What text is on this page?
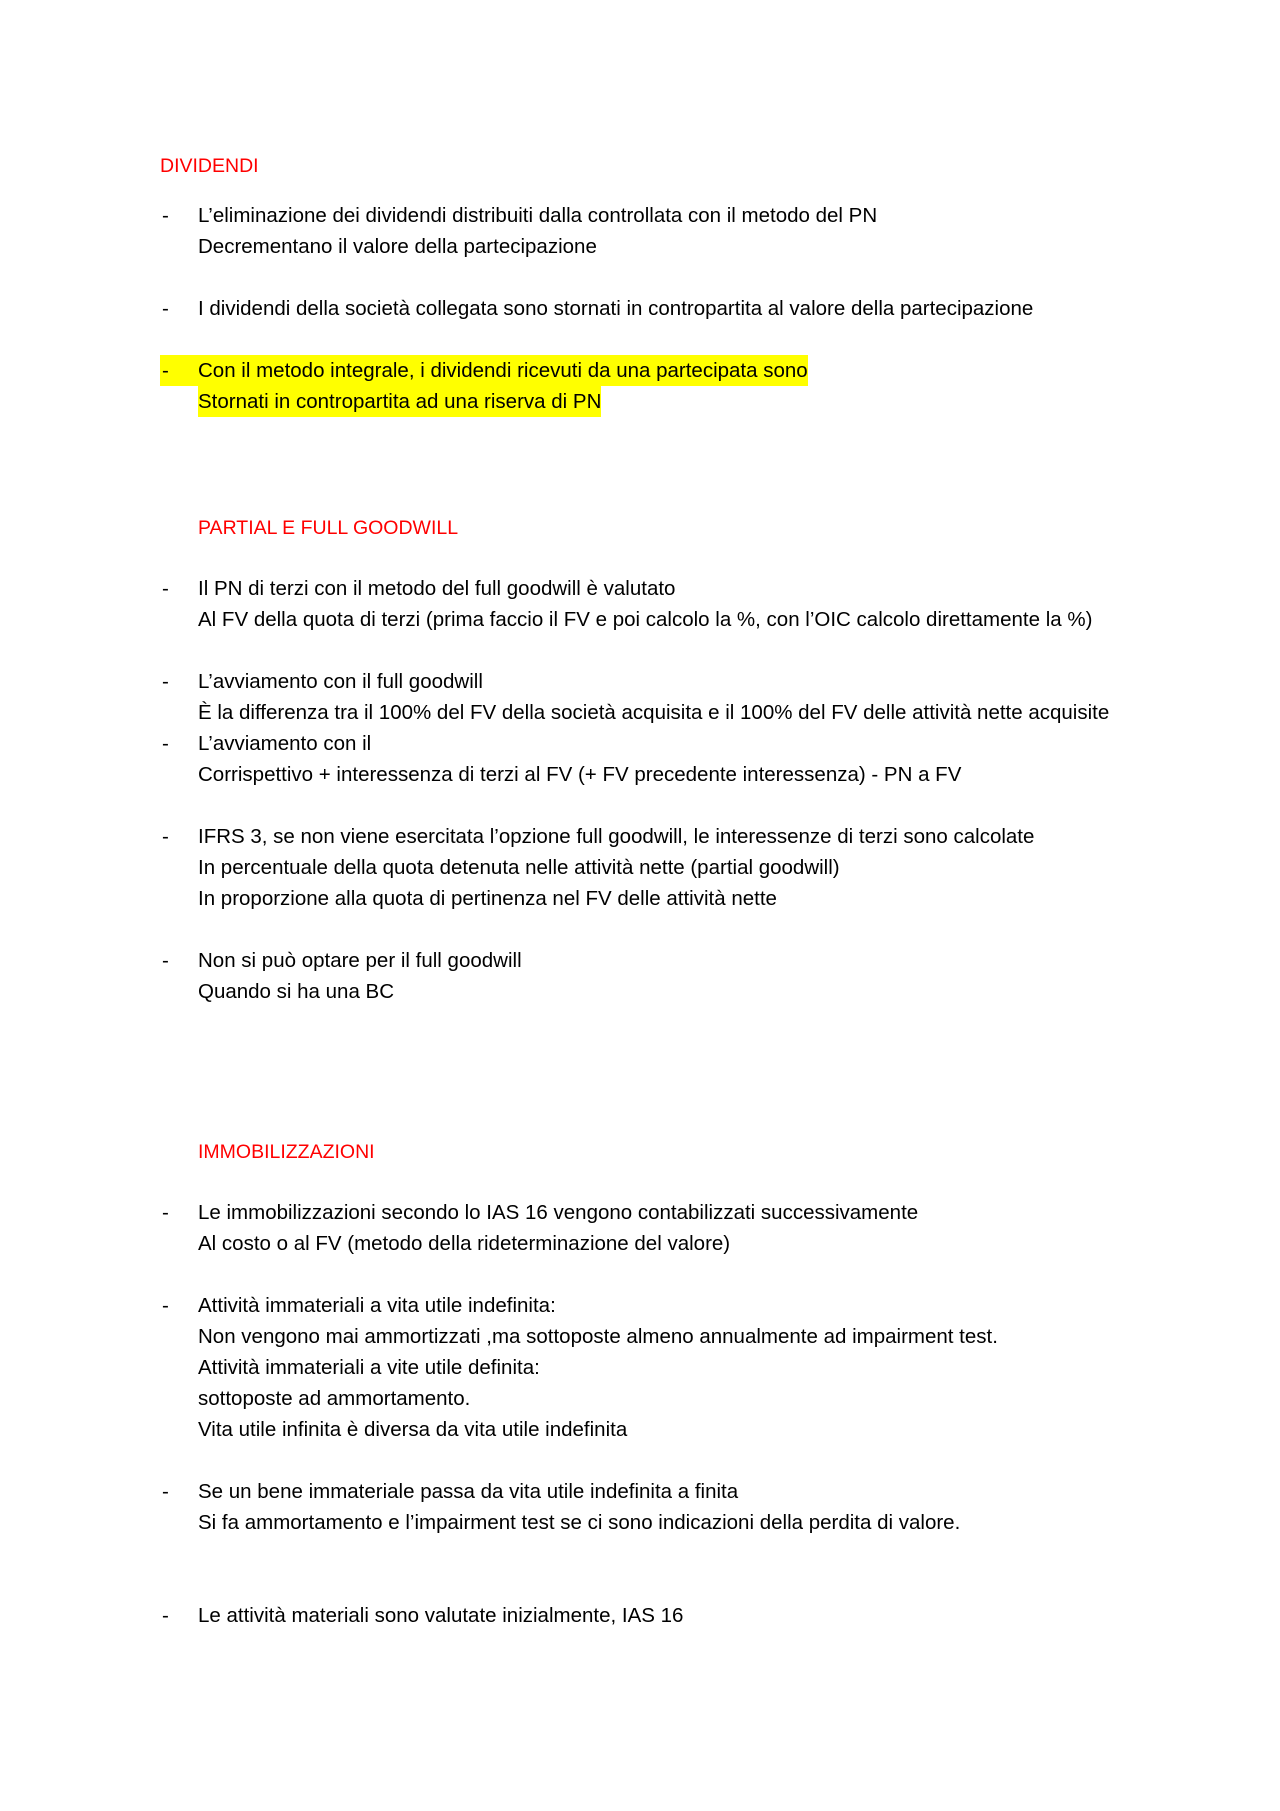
DIVIDENDI
- L’eliminazione dei dividendi distribuiti dalla controllata con il metodo del PN
Decrementano il valore della partecipazione
- I dividendi della società collegata sono stornati in contropartita al valore della partecipazione
- Con il metodo integrale, i dividendi ricevuti da una partecipata sono
Stornati in contropartita ad una riserva di PN
PARTIAL E FULL GOODWILL
- Il PN di terzi con il metodo del full goodwill è valutato
Al FV della quota di terzi (prima faccio il FV e poi calcolo la %, con l’OIC calcolo direttamente la %)
- L’avviamento con il full goodwill
È la differenza tra il 100% del FV della società acquisita e il 100% del FV delle attività nette acquisite
- L’avviamento con il
Corrispettivo + interessenza di terzi al FV (+ FV precedente interessenza) - PN a FV
- IFRS 3, se non viene esercitata l’opzione full goodwill, le interessenze di terzi sono calcolate
In percentuale della quota detenuta nelle attività nette (partial goodwill)
In proporzione alla quota di pertinenza nel FV delle attività nette
- Non si può optare per il full goodwill
Quando si ha una BC
IMMOBILIZZAZIONI
- Le immobilizzazioni secondo lo IAS 16 vengono contabilizzati successivamente
Al costo o al FV (metodo della rideterminazione del valore)
- Attività immateriali a vita utile indefinita:
Non vengono mai ammortizzati ,ma sottoposte almeno annualmente ad impairment test.
Attività immateriali a vite utile definita:
sottoposte ad ammortamento.
Vita utile infinita è diversa da vita utile indefinita
- Se un bene immateriale passa da vita utile indefinita a finita
Si fa ammortamento e l’impairment test se ci sono indicazioni della perdita di valore.
- Le attività materiali sono valutate inizialmente, IAS 16
